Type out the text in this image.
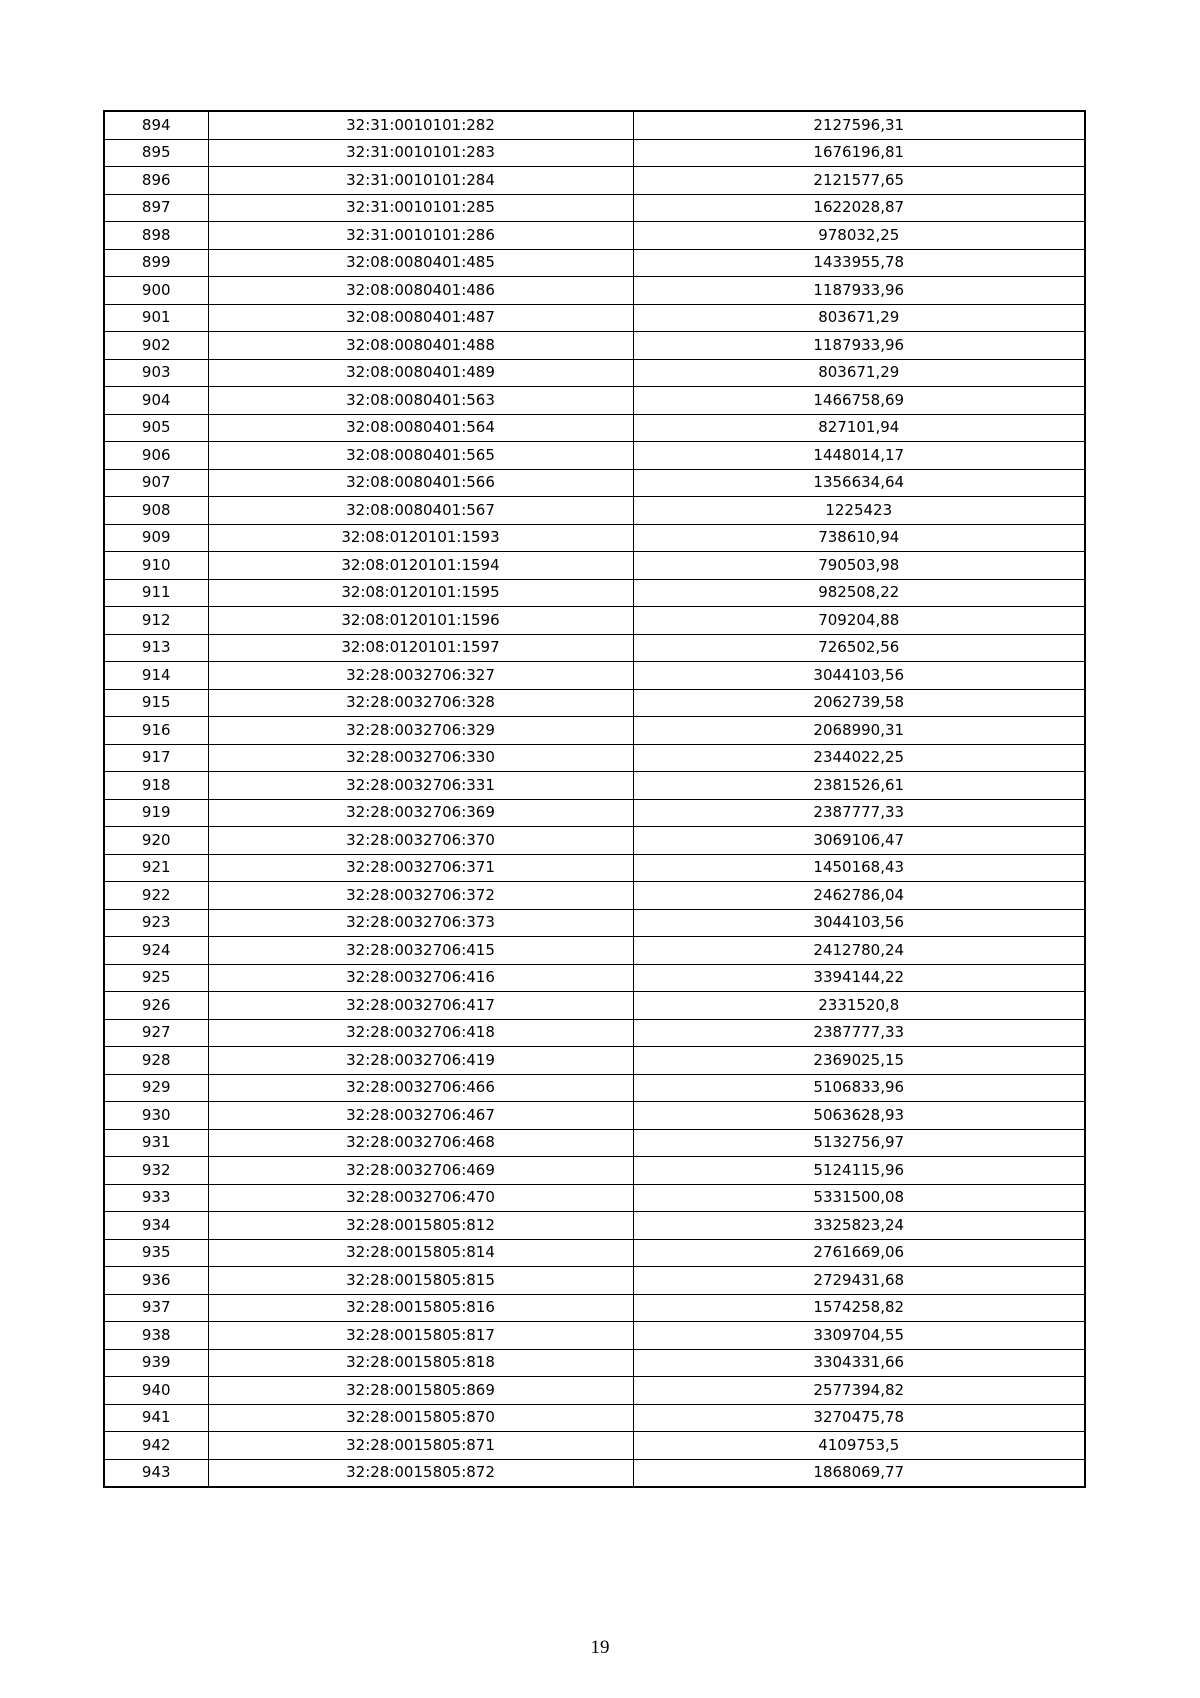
894	32:31:0010101:282	2127596,31
895	32:31:0010101:283	1676196,81
896	32:31:0010101:284	2121577,65
897	32:31:0010101:285	1622028,87
898	32:31:0010101:286	978032,25
899	32:08:0080401:485	1433955,78
900	32:08:0080401:486	1187933,96
901	32:08:0080401:487	803671,29
902	32:08:0080401:488	1187933,96
903	32:08:0080401:489	803671,29
904	32:08:0080401:563	1466758,69
905	32:08:0080401:564	827101,94
906	32:08:0080401:565	1448014,17
907	32:08:0080401:566	1356634,64
908	32:08:0080401:567	1225423
909	32:08:0120101:1593	738610,94
910	32:08:0120101:1594	790503,98
911	32:08:0120101:1595	982508,22
912	32:08:0120101:1596	709204,88
913	32:08:0120101:1597	726502,56
914	32:28:0032706:327	3044103,56
915	32:28:0032706:328	2062739,58
916	32:28:0032706:329	2068990,31
917	32:28:0032706:330	2344022,25
918	32:28:0032706:331	2381526,61
919	32:28:0032706:369	2387777,33
920	32:28:0032706:370	3069106,47
921	32:28:0032706:371	1450168,43
922	32:28:0032706:372	2462786,04
923	32:28:0032706:373	3044103,56
924	32:28:0032706:415	2412780,24
925	32:28:0032706:416	3394144,22
926	32:28:0032706:417	2331520,8
927	32:28:0032706:418	2387777,33
928	32:28:0032706:419	2369025,15
929	32:28:0032706:466	5106833,96
930	32:28:0032706:467	5063628,93
931	32:28:0032706:468	5132756,97
932	32:28:0032706:469	5124115,96
933	32:28:0032706:470	5331500,08
934	32:28:0015805:812	3325823,24
935	32:28:0015805:814	2761669,06
936	32:28:0015805:815	2729431,68
937	32:28:0015805:816	1574258,82
938	32:28:0015805:817	3309704,55
939	32:28:0015805:818	3304331,66
940	32:28:0015805:869	2577394,82
941	32:28:0015805:870	3270475,78
942	32:28:0015805:871	4109753,5
943	32:28:0015805:872	1868069,77
19
